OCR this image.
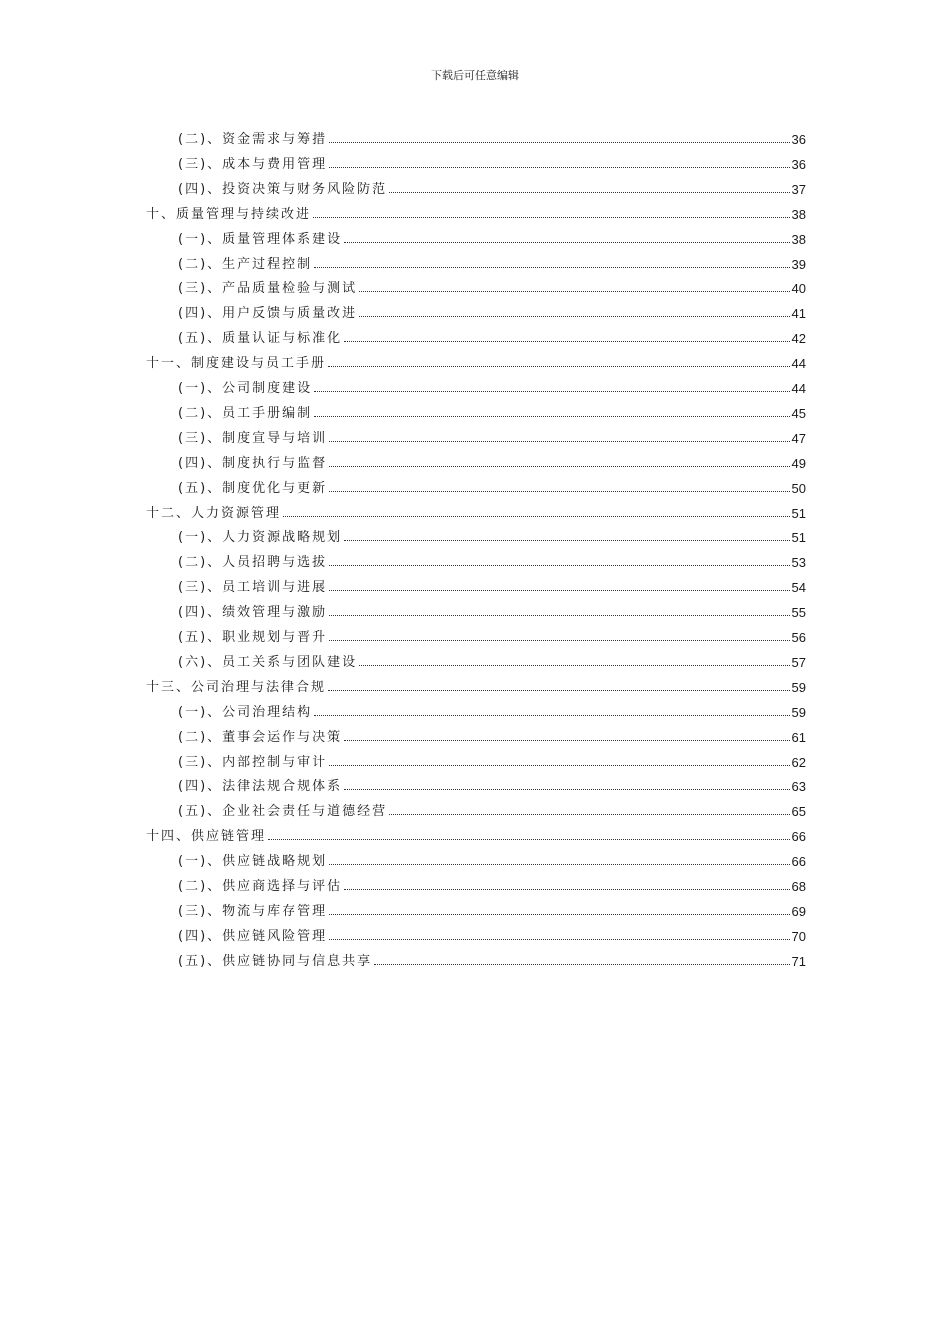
下载后可任意编辑
(二)、资金需求与筹措	36
(三)、成本与费用管理	36
(四)、投资决策与财务风险防范	37
十、质量管理与持续改进	38
(一)、质量管理体系建设	38
(二)、生产过程控制	39
(三)、产品质量检验与测试	40
(四)、用户反馈与质量改进	41
(五)、质量认证与标准化	42
十一、制度建设与员工手册	44
(一)、公司制度建设	44
(二)、员工手册编制	45
(三)、制度宣导与培训	47
(四)、制度执行与监督	49
(五)、制度优化与更新	50
十二、人力资源管理	51
(一)、人力资源战略规划	51
(二)、人员招聘与选拔	53
(三)、员工培训与进展	54
(四)、绩效管理与激励	55
(五)、职业规划与晋升	56
(六)、员工关系与团队建设	57
十三、公司治理与法律合规	59
(一)、公司治理结构	59
(二)、董事会运作与决策	61
(三)、内部控制与审计	62
(四)、法律法规合规体系	63
(五)、企业社会责任与道德经营	65
十四、供应链管理	66
(一)、供应链战略规划	66
(二)、供应商选择与评估	68
(三)、物流与库存管理	69
(四)、供应链风险管理	70
(五)、供应链协同与信息共享	71
